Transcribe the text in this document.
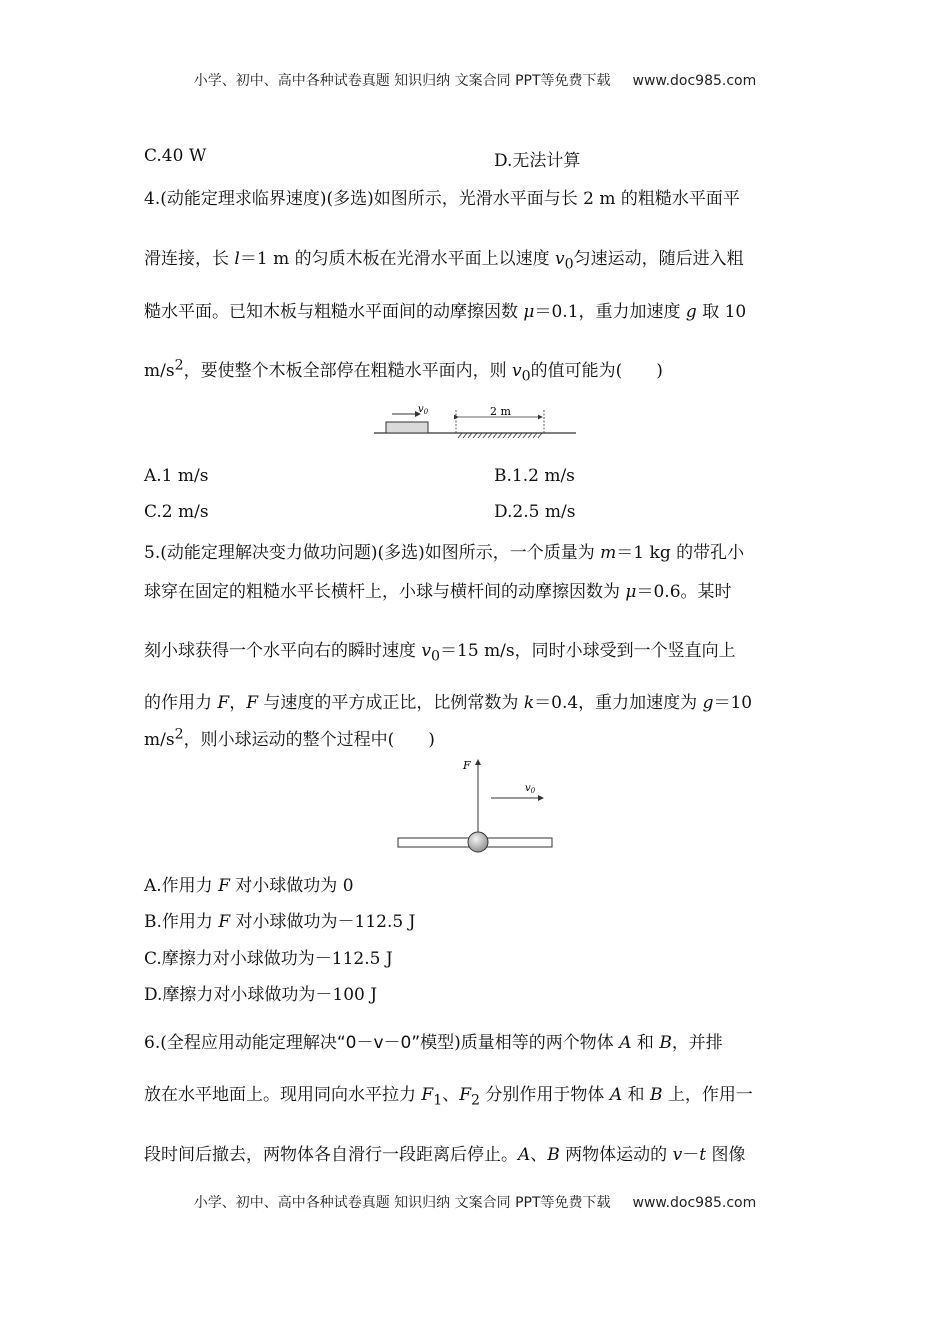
小学、初中、高中各种试卷真题 知识归纳 文案合同 PPT等免费下载 www.doc985.com
C.40 W	D.无法计算
4.(动能定理求临界速度)(多选)如图所示，光滑水平面与长 2 m 的粗糙水平面平
滑连接，长 l＝1 m 的匀质木板在光滑水平面上以速度 $v_0$匀速运动，随后进入粗
糙水平面。已知木板与粗糙水平面间的动摩擦因数 μ＝0.1，重力加速度 g 取 10
$m/s^2$，要使整个木板全部停在粗糙水平面内，则 $v_0$的值可能为(　　)
$v_0$	2 m
A.1 m/s	B.1.2 m/s
C.2 m/s	D.2.5 m/s
5.(动能定理解决变力做功问题)(多选)如图所示，一个质量为 m＝1 kg 的带孔小
球穿在固定的粗糙水平长横杆上，小球与横杆间的动摩擦因数为 μ＝0.6。某时
刻小球获得一个水平向右的瞬时速度 $v_0=15$ m/s，同时小球受到一个竖直向上
的作用力 F，F 与速度的平方成正比，比例常数为 k＝0.4，重力加速度为 g＝10
$m/s^2$，则小球运动的整个过程中(　　)
F
$v_0$
A.作用力 F 对小球做功为 0
B.作用力 F 对小球做功为－112.5 J
C.摩擦力对小球做功为－112.5 J
D.摩擦力对小球做功为－100 J
6.(全程应用动能定理解决“0－v－0”模型)质量相等的两个物体 A 和 B，并排
放在水平地面上。现用同向水平拉力 $F_1$、$F_2$ 分别作用于物体 A 和 B 上，作用一
段时间后撤去，两物体各自滑行一段距离后停止。A、B 两物体运动的 v－t 图像
小学、初中、高中各种试卷真题 知识归纳 文案合同 PPT等免费下载 www.doc985.com
